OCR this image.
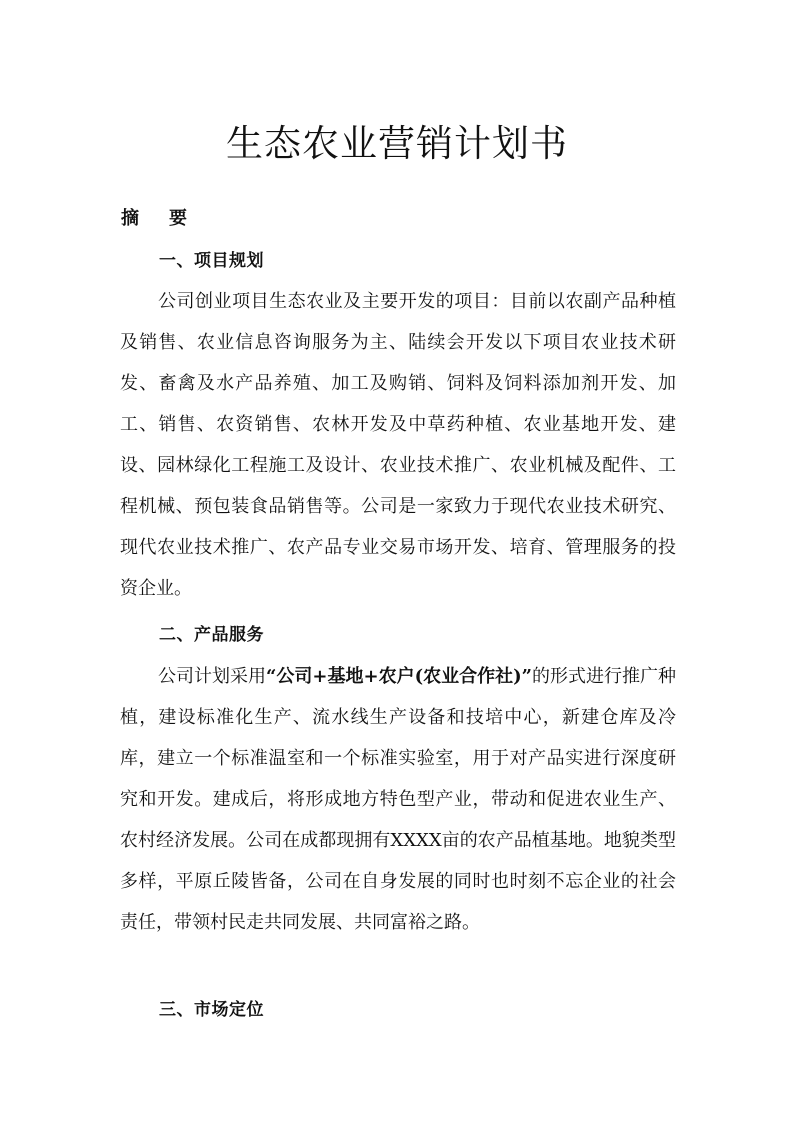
生态农业营销计划书
摘 要
一、项目规划

公司创业项目生态农业及主要开发的项目：目前以农副产品种植及销售、农业信息咨询服务为主、陆续会开发以下项目农业技术研发、畜禽及水产品养殖、加工及购销、饲料及饲料添加剂开发、加工、销售、农资销售、农林开发及中草药种植、农业基地开发、建设、园林绿化工程施工及设计、农业技术推广、农业机械及配件、工程机械、预包装食品销售等。公司是一家致力于现代农业技术研究、现代农业技术推广、农产品专业交易市场开发、培育、管理服务的投资企业。

二、产品服务

公司计划采用“公司+基地+农户(农业合作社)”的形式进行推广种植，建设标准化生产、流水线生产设备和技培中心，新建仓库及冷库，建立一个标准温室和一个标准实验室，用于对产品实进行深度研究和开发。建成后，将形成地方特色型产业，带动和促进农业生产、农村经济发展。公司在成都现拥有XXXX亩的农产品植基地。地貌类型多样，平原丘陵皆备，公司在自身发展的同时也时刻不忘企业的社会责任，带领村民走共同发展、共同富裕之路。

三、市场定位
